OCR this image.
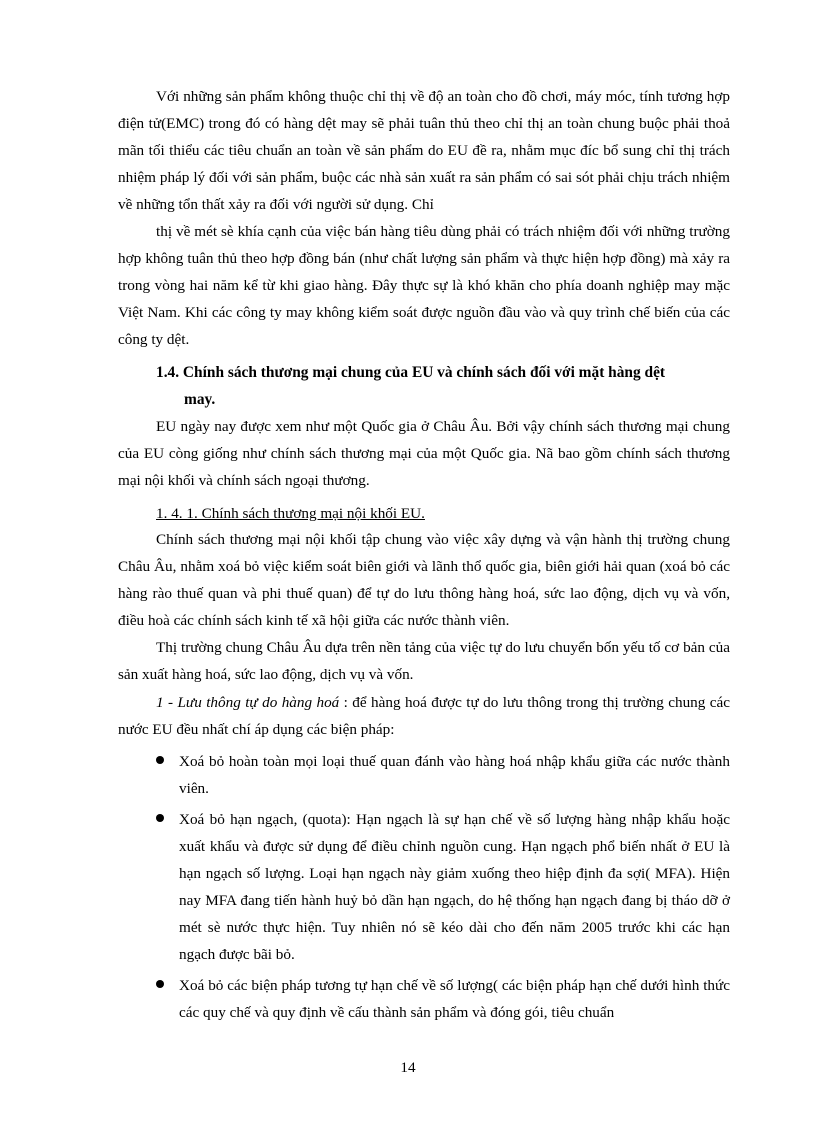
Với những sản phẩm không thuộc chỉ thị về độ an toàn cho đồ chơi, máy móc, tính tương hợp điện tử(EMC) trong đó có hàng dệt may sẽ phải tuân thủ theo chỉ thị an toàn chung buộc phải thoả mãn tối thiểu các tiêu chuẩn an toàn về sản phẩm do EU đề ra, nhằm mục đíc bổ sung chỉ thị trách nhiệm pháp lý đối với sản phẩm, buộc các nhà sản xuất ra sản phẩm có sai sót phải chịu trách nhiệm về những tổn thất xảy ra đối với người sử dụng. Chỉ
thị về mét sè khía cạnh của việc bán hàng tiêu dùng phải có trách nhiệm đối với những trường hợp không tuân thủ theo hợp đồng bán (như chất lượng sản phẩm và thực hiện hợp đồng) mà xảy ra trong vòng hai năm kể từ khi giao hàng. Đây thực sự là khó khăn cho phía doanh nghiệp may mặc Việt Nam. Khi các công ty may không kiểm soát được nguồn đầu vào và quy trình chế biến của các công ty dệt.
1.4. Chính sách thương mại chung của EU và chính sách đối với mặt hàng dệt
may.
EU ngày nay được xem như một Quốc gia ở Châu Âu. Bởi vậy chính sách thương mại chung của EU còng giống như chính sách thương mại của một Quốc gia. Nã bao gồm chính sách thương mại nội khối và chính sách ngoại thương.
1. 4. 1. Chính sách thương mại nội khối EU.
Chính sách thương mại nội khối tập chung vào việc xây dựng và vận hành thị trường chung Châu Âu, nhằm xoá bỏ việc kiểm soát biên giới và lãnh thổ quốc gia, biên giới hải quan (xoá bỏ các hàng rào thuế quan và phi thuế quan) để tự do lưu thông hàng hoá, sức lao động, dịch vụ và vốn, điều hoà các chính sách kinh tế xã hội giữa các nước thành viên.
Thị trường chung Châu Âu dựa trên nền tảng của việc tự do lưu chuyển bốn yếu tố cơ bản của sản xuất hàng hoá, sức lao động, dịch vụ và vốn.
1 - Lưu thông tự do hàng hoá : để hàng hoá được tự do lưu thông trong thị trường chung các nước EU đều nhất chí áp dụng các biện pháp:
Xoá bỏ hoàn toàn mọi loại thuế quan đánh vào hàng hoá nhập khẩu giữa các nước thành viên.
Xoá bỏ hạn ngạch, (quota): Hạn ngạch là sự hạn chế về số lượng hàng nhập khẩu hoặc xuất khẩu và được sử dụng để điều chỉnh nguồn cung. Hạn ngạch phổ biến nhất ở EU là hạn ngạch số lượng. Loại hạn ngạch này giảm xuống theo hiệp định đa sợi( MFA). Hiện nay MFA đang tiến hành huỷ bỏ dần hạn ngạch, do hệ thống hạn ngạch đang bị tháo dỡ ở mét sè nước thực hiện. Tuy nhiên nó sẽ kéo dài cho đến năm 2005 trước khi các hạn ngạch được bãi bỏ.
Xoá bỏ các biện pháp tương tự hạn chế về số lượng( các biện pháp hạn chế dưới hình thức các quy chế và quy định về cấu thành sản phẩm và đóng gói, tiêu chuẩn
14
